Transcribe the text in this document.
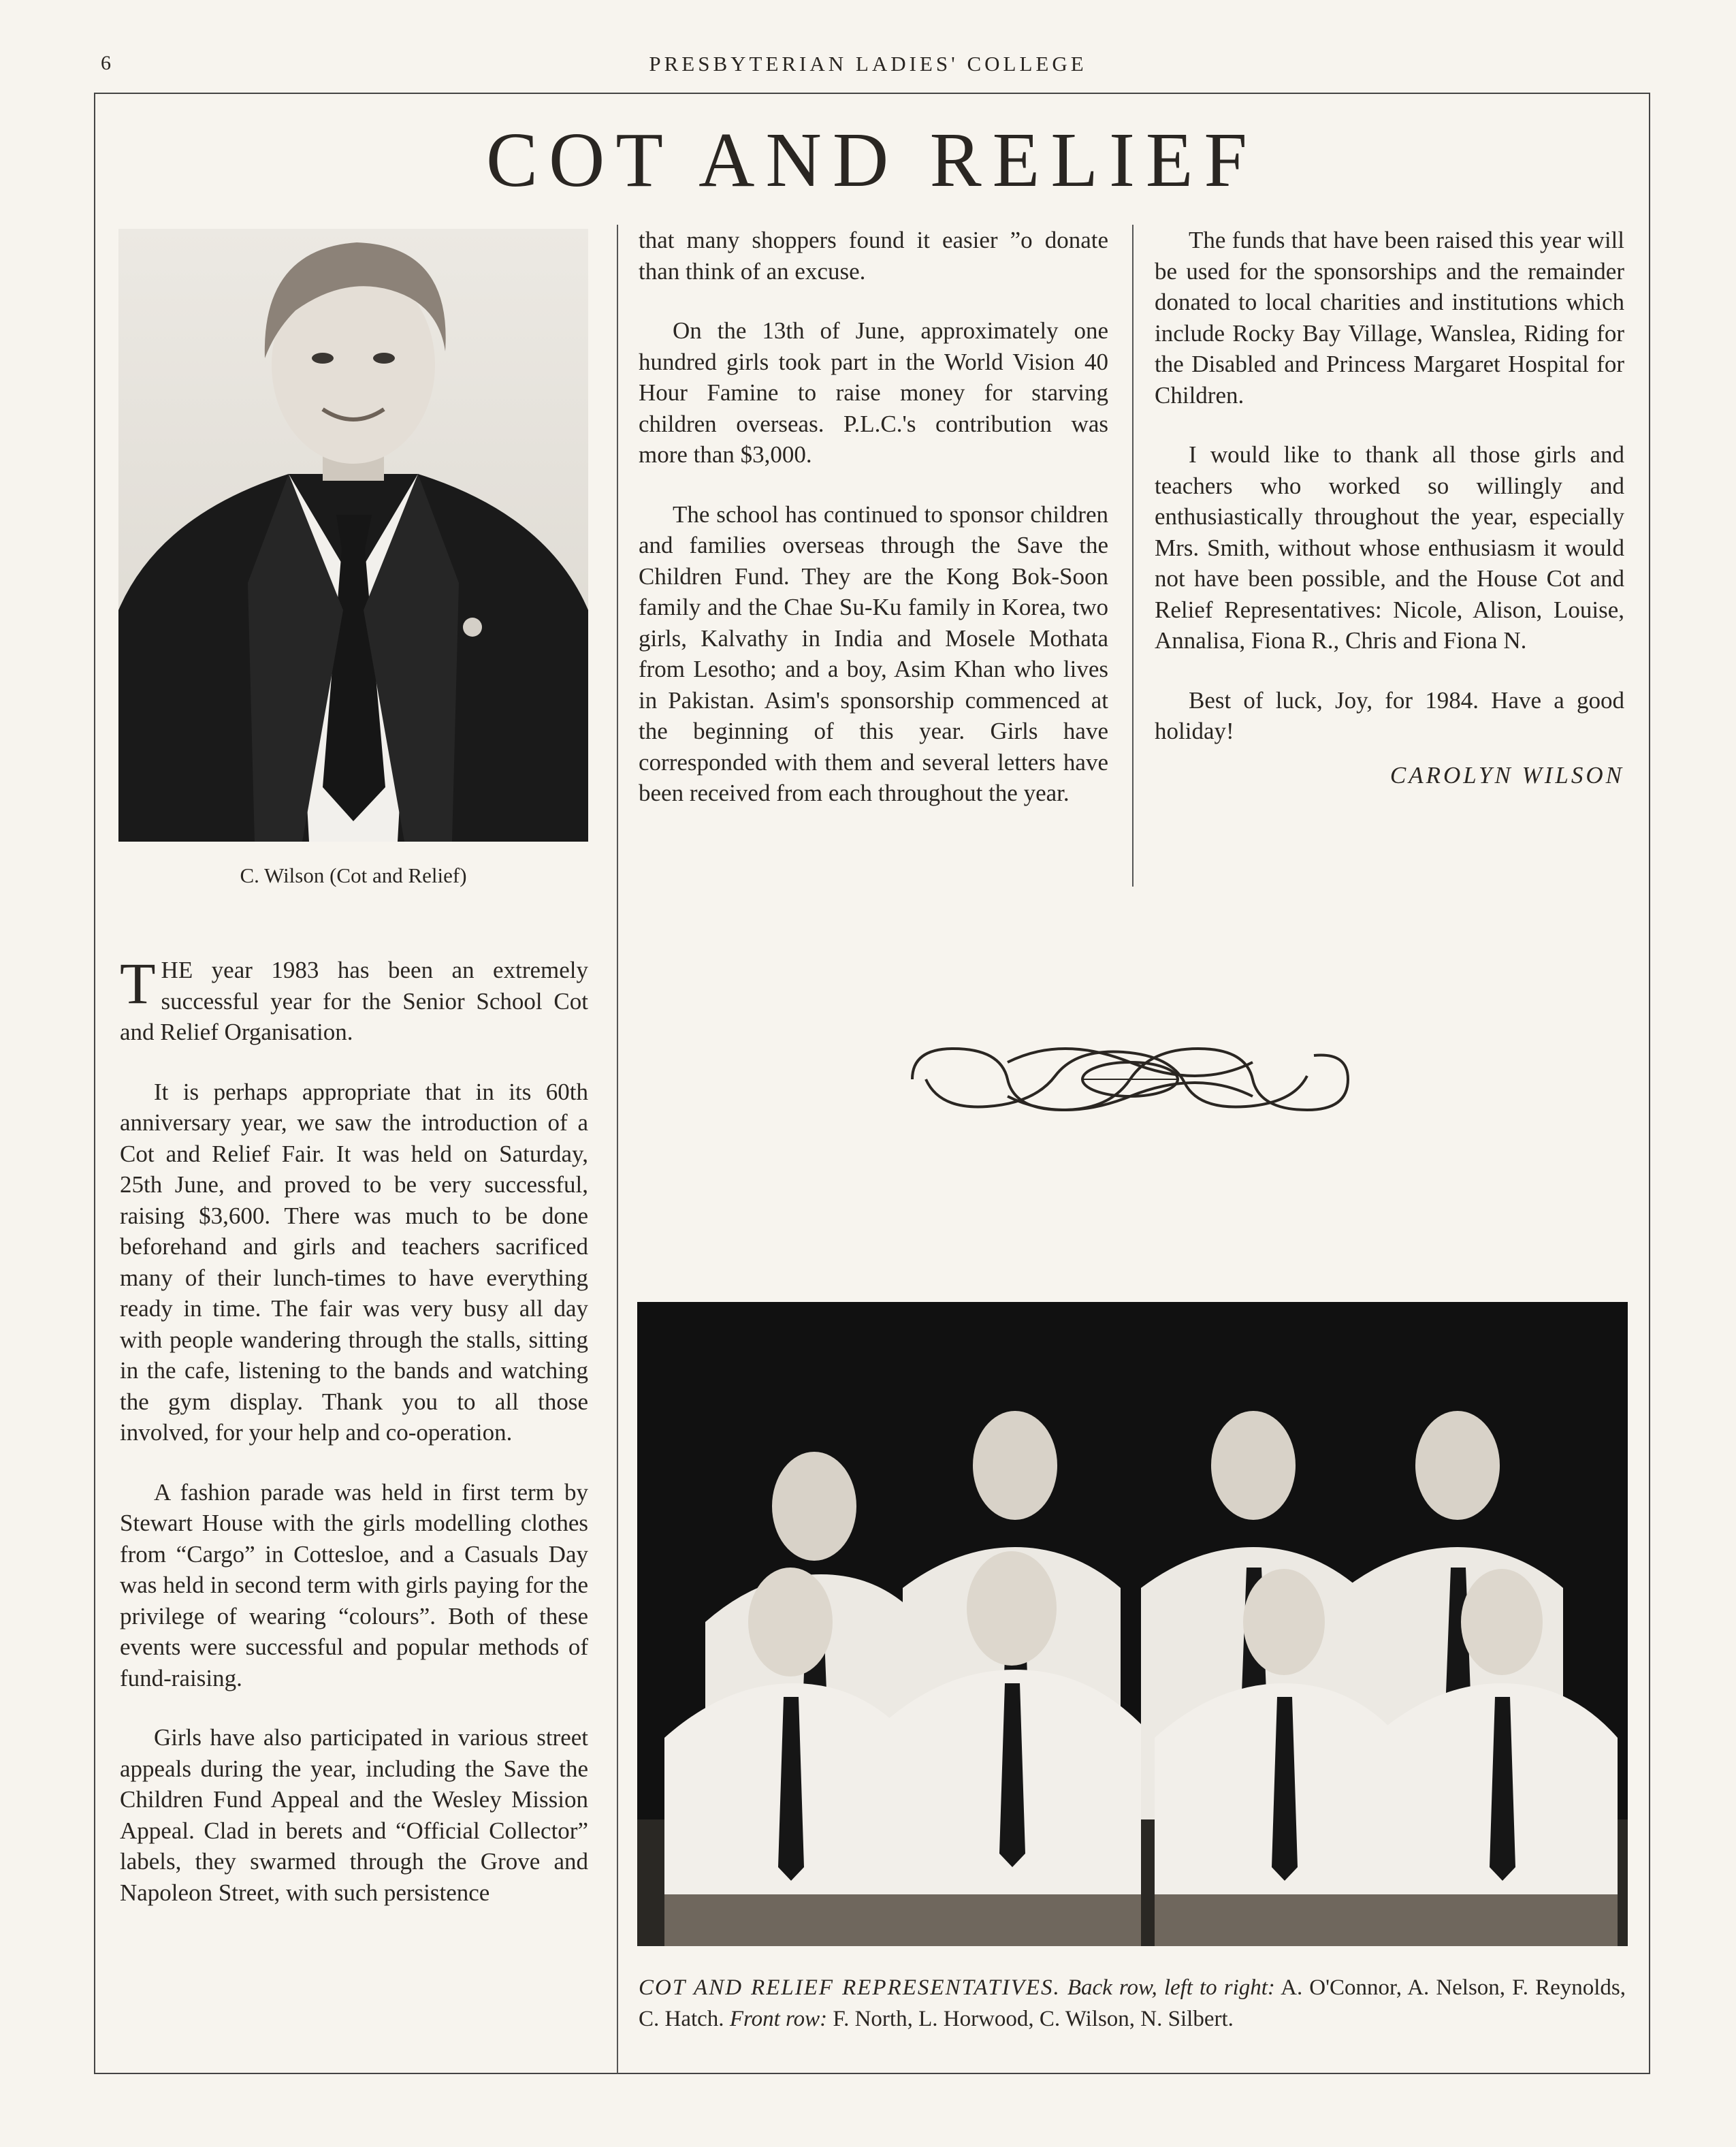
6	PRESBYTERIAN LADIES' COLLEGE
COT AND RELIEF
C. Wilson (Cot and Relief)

THE year 1983 has been an extremely successful year for the Senior School Cot and Relief Organisation.

It is perhaps appropriate that in its 60th anniversary year, we saw the introduction of a Cot and Relief Fair. It was held on Saturday, 25th June, and proved to be very successful, raising $3,600. There was much to be done beforehand and girls and teachers sacrificed many of their lunch-times to have everything ready in time. The fair was very busy all day with people wandering through the stalls, sitting in the cafe, listening to the bands and watching the gym display. Thank you to all those involved, for your help and co-operation.

A fashion parade was held in first term by Stewart House with the girls modelling clothes from “Cargo” in Cottesloe, and a Casuals Day was held in second term with girls paying for the privilege of wearing “colours”. Both of these events were successful and popular methods of fund-raising.

Girls have also participated in various street appeals during the year, including the Save the Children Fund Appeal and the Wesley Mission Appeal. Clad in berets and “Official Collector” labels, they swarmed through the Grove and Napoleon Street, with such persistence

that many shoppers found it easier ”o donate than think of an excuse.

On the 13th of June, approximately one hundred girls took part in the World Vision 40 Hour Famine to raise money for starving children overseas. P.L.C.'s contribution was more than $3,000.

The school has continued to sponsor children and families overseas through the Save the Children Fund. They are the Kong Bok-Soon family and the Chae Su-Ku family in Korea, two girls, Kalvathy in India and Mosele Mothata from Lesotho; and a boy, Asim Khan who lives in Pakistan. Asim's sponsorship commenced at the beginning of this year. Girls have corresponded with them and several letters have been received from each throughout the year.

The funds that have been raised this year will be used for the sponsorships and the remainder donated to local charities and institutions which include Rocky Bay Village, Wanslea, Riding for the Disabled and Princess Margaret Hospital for Children.

I would like to thank all those girls and teachers who worked so willingly and enthusiastically throughout the year, especially Mrs. Smith, without whose enthusiasm it would not have been possible, and the House Cot and Relief Representatives: Nicole, Alison, Louise, Annalisa, Fiona R., Chris and Fiona N.

Best of luck, Joy, for 1984. Have a good holiday!

CAROLYN WILSON
COT AND RELIEF REPRESENTATIVES. Back row, left to right: A. O'Connor, A. Nelson, F. Reynolds, C. Hatch. Front row: F. North, L. Horwood, C. Wilson, N. Silbert.
